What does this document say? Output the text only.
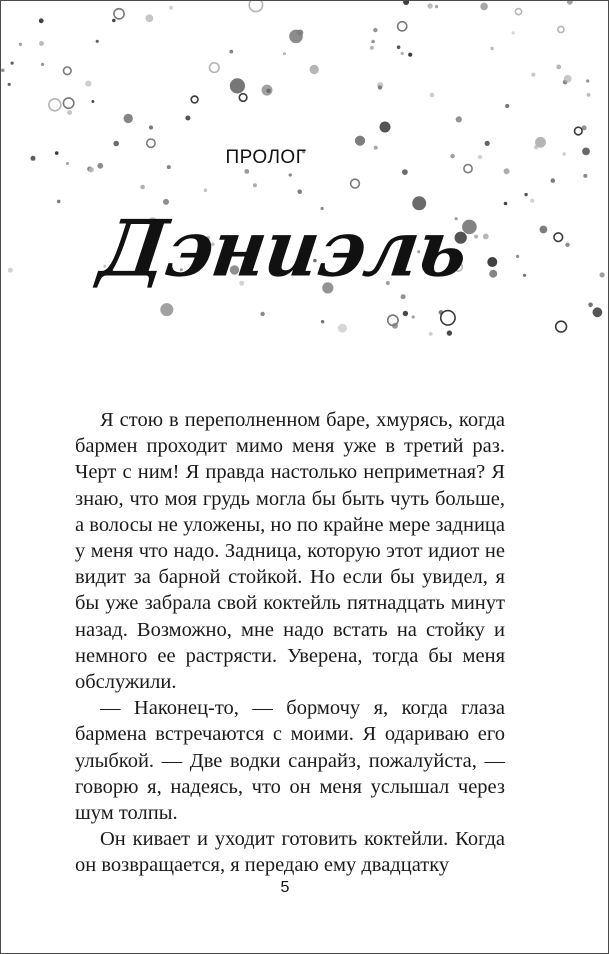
ПРОЛОГ
Дэниэль

Я стою в переполненном баре, хмурясь, когда бармен проходит мимо меня уже в третий раз. Черт с ним! Я правда настолько неприметная? Я знаю, что моя грудь могла бы быть чуть больше, а волосы не уложены, но по крайне мере задница у меня что надо. Задница, которую этот идиот не видит за барной стойкой. Но если бы увидел, я бы уже забрала свой коктейль пятнадцать минут назад. Возможно, мне надо встать на стойку и немного ее растрясти. Уверена, тогда бы меня обслужили.

— Наконец-то, — бормочу я, когда глаза бармена встречаются с моими. Я одариваю его улыбкой. — Две водки санрайз, пожалуйста, — говорю я, надеясь, что он меня услышал через шум толпы.

Он кивает и уходит готовить коктейли. Когда он возвращается, я передаю ему двадцатку

5
